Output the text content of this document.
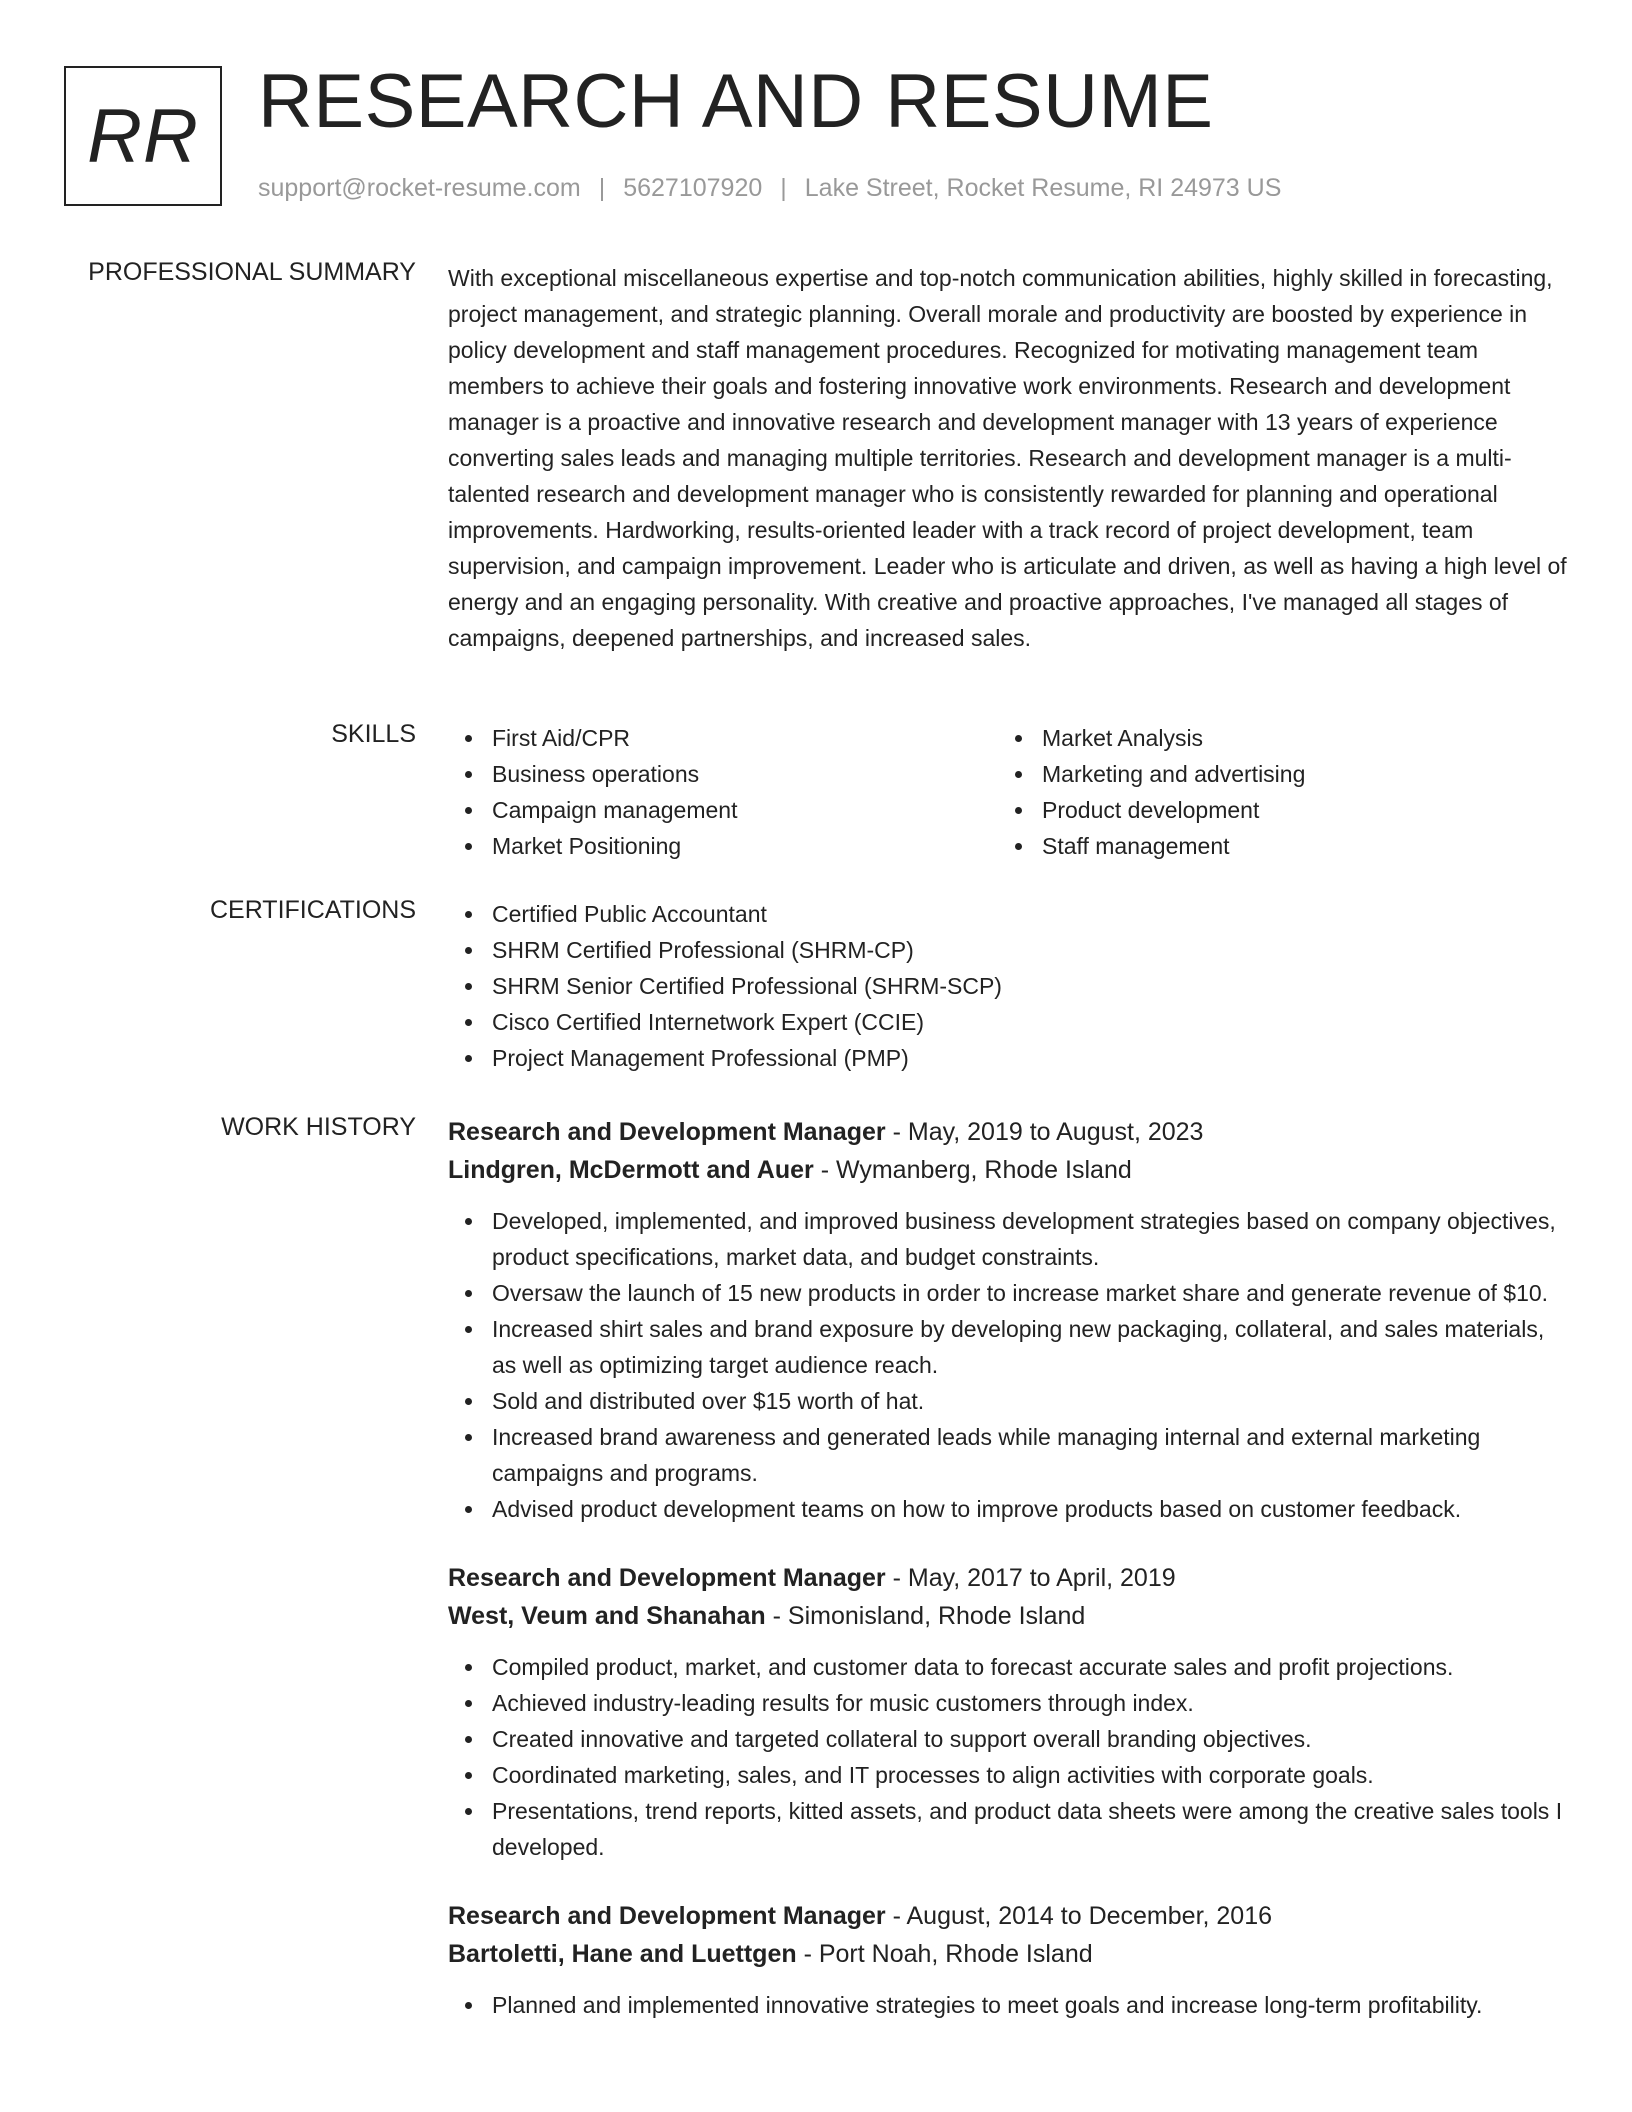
RR RESEARCH AND RESUME
support@rocket-resume.com | 5627107920 | Lake Street, Rocket Resume, RI 24973 US
PROFESSIONAL SUMMARY With exceptional miscellaneous expertise and top-notch communication abilities, highly skilled in forecasting, project management, and strategic planning. Overall morale and productivity are boosted by experience in policy development and staff management procedures. Recognized for motivating management team members to achieve their goals and fostering innovative work environments. Research and development manager is a proactive and innovative research and development manager with 13 years of experience converting sales leads and managing multiple territories. Research and development manager is a multi-talented research and development manager who is consistently rewarded for planning and operational improvements. Hardworking, results-oriented leader with a track record of project development, team supervision, and campaign improvement. Leader who is articulate and driven, as well as having a high level of energy and an engaging personality. With creative and proactive approaches, I've managed all stages of campaigns, deepened partnerships, and increased sales.
SKILLS	First Aid/CPR
Business operations
Campaign management
Market Positioning
Market Analysis
Marketing and advertising
Product development
Staff management
CERTIFICATIONS	Certified Public Accountant
SHRM Certified Professional (SHRM-CP)
SHRM Senior Certified Professional (SHRM-SCP)
Cisco Certified Internetwork Expert (CCIE)
Project Management Professional (PMP)
WORK HISTORY Research and Development Manager - May, 2019 to August, 2023
Lindgren, McDermott and Auer - Wymanberg, Rhode Island
Developed, implemented, and improved business development strategies based on company objectives, product specifications, market data, and budget constraints.
Oversaw the launch of 15 new products in order to increase market share and generate revenue of $10.
Increased shirt sales and brand exposure by developing new packaging, collateral, and sales materials, as well as optimizing target audience reach.
Sold and distributed over $15 worth of hat.
Increased brand awareness and generated leads while managing internal and external marketing campaigns and programs.
Advised product development teams on how to improve products based on customer feedback.
Research and Development Manager - May, 2017 to April, 2019
West, Veum and Shanahan - Simonisland, Rhode Island
Compiled product, market, and customer data to forecast accurate sales and profit projections.
Achieved industry-leading results for music customers through index.
Created innovative and targeted collateral to support overall branding objectives.
Coordinated marketing, sales, and IT processes to align activities with corporate goals.
Presentations, trend reports, kitted assets, and product data sheets were among the creative sales tools I developed.
Research and Development Manager - August, 2014 to December, 2016
Bartoletti, Hane and Luettgen - Port Noah, Rhode Island
Planned and implemented innovative strategies to meet goals and increase long-term profitability.
